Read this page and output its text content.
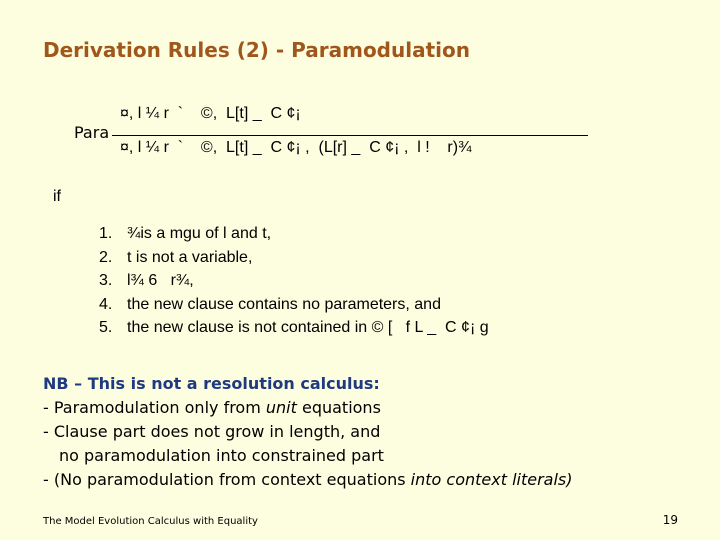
Derivation Rules (2) - Paramodulation
Para
¤, l ¼ r  `    ©,  L[t] _  C ¢¡
¤, l ¼ r  `    ©,  L[t] _  C ¢¡ ,  (L[r] _  C ¢¡ ,  l !    r)¾
if
1. ¾is a mgu of l and t,
2. t is not a variable,
3. l¾ 6   r¾,
4. the new clause contains no parameters, and
5. the new clause is not contained in © [   f L _  C ¢¡ g
NB – This is not a resolution calculus:
- Paramodulation only from unit equations
- Clause part does not grow in length, and
no paramodulation into constrained part
- (No paramodulation from context equations into context literals)
The Model Evolution Calculus with Equality	19
